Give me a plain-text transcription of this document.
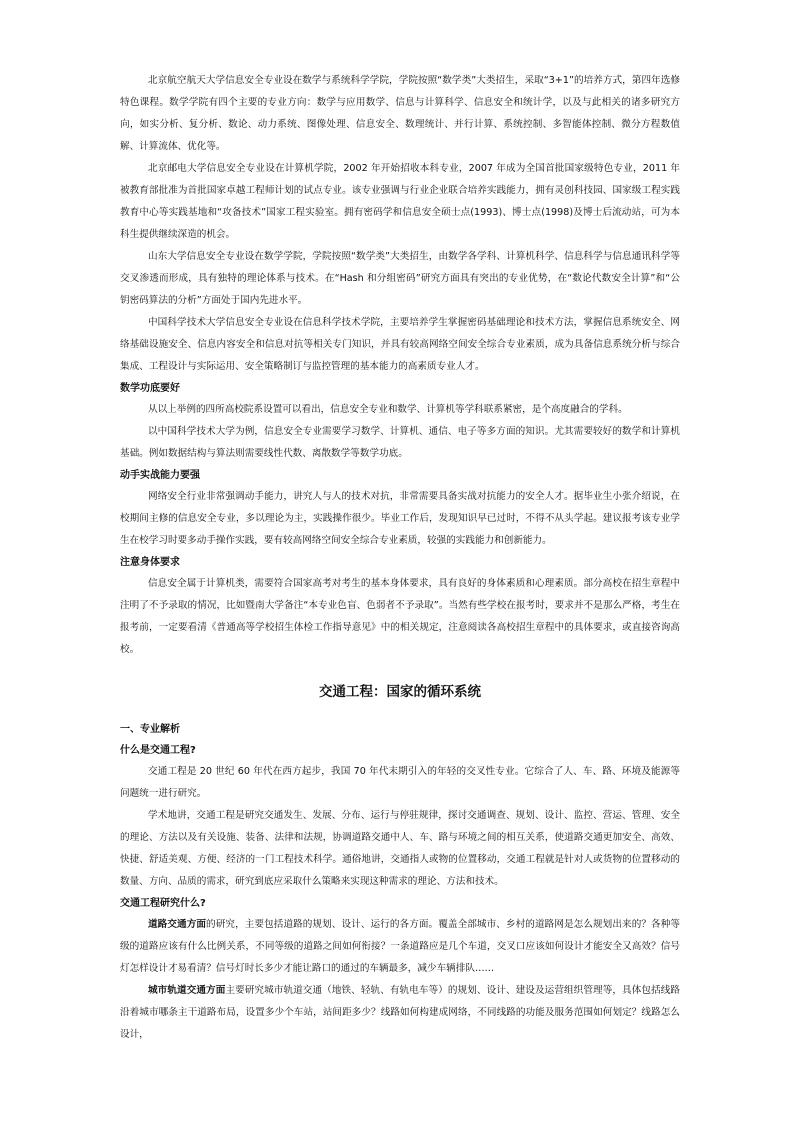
北京航空航天大学信息安全专业设在数学与系统科学学院，学院按照“数学类”大类招生，采取“3+1”的培养方式，第四年选修特色课程。数学学院有四个主要的专业方向：数学与应用数学、信息与计算科学、信息安全和统计学，以及与此相关的诸多研究方向，如实分析、复分析、数论、动力系统、图像处理、信息安全、数理统计、并行计算、系统控制、多智能体控制、微分方程数值解、计算流体、优化等。

北京邮电大学信息安全专业设在计算机学院，2002 年开始招收本科专业，2007 年成为全国首批国家级特色专业，2011 年被教育部批准为首批国家卓越工程师计划的试点专业。该专业强调与行业企业联合培养实践能力，拥有灵创科技园、国家级工程实践教育中心等实践基地和“攻备技术”国家工程实验室。拥有密码学和信息安全硕士点(1993)、博士点(1998)及博士后流动站，可为本科生提供继续深造的机会。

山东大学信息安全专业设在数学学院，学院按照“数学类”大类招生，由数学各学科、计算机科学、信息科学与信息通讯科学等交叉渗透而形成，具有独特的理论体系与技术。在“Hash 和分组密码”研究方面具有突出的专业优势，在“数论代数安全计算”和“公钥密码算法的分析”方面处于国内先进水平。

中国科学技术大学信息安全专业设在信息科学技术学院，主要培养学生掌握密码基础理论和技术方法，掌握信息系统安全、网络基础设施安全、信息内容安全和信息对抗等相关专门知识，并具有较高网络空间安全综合专业素质，成为具备信息系统分析与综合集成、工程设计与实际运用、安全策略制订与监控管理的基本能力的高素质专业人才。

数学功底要好

从以上举例的四所高校院系设置可以看出，信息安全专业和数学、计算机等学科联系紧密，是个高度融合的学科。

以中国科学技术大学为例，信息安全专业需要学习数学、计算机、通信、电子等多方面的知识。尤其需要较好的数学和计算机基础。例如数据结构与算法则需要线性代数、离散数学等数学功底。

动手实战能力要强

网络安全行业非常强调动手能力，讲究人与人的技术对抗，非常需要具备实战对抗能力的安全人才。据毕业生小张介绍说，在校期间主修的信息安全专业，多以理论为主，实践操作很少。毕业工作后，发现知识早已过时，不得不从头学起。建议报考该专业学生在校学习时要多动手操作实践，要有较高网络空间安全综合专业素质，较强的实践能力和创新能力。

注意身体要求

信息安全属于计算机类，需要符合国家高考对考生的基本身体要求，具有良好的身体素质和心理素质。部分高校在招生章程中注明了不予录取的情况，比如暨南大学备注“本专业色盲、色弱者不予录取”。当然有些学校在报考时，要求并不是那么严格，考生在报考前，一定要看清《普通高等学校招生体检工作指导意见》中的相关规定，注意阅读各高校招生章程中的具体要求，或直接咨询高校。

交通工程：国家的循环系统
一、专业解析
什么是交通工程?

交通工程是 20 世纪 60 年代在西方起步，我国 70 年代末期引入的年轻的交叉性专业。它综合了人、车、路、环境及能源等问题统一进行研究。

学术地讲，交通工程是研究交通发生、发展、分布、运行与停驻规律，探讨交通调查、规划、设计、监控、营运、管理、安全的理论、方法以及有关设施、装备、法律和法规，协调道路交通中人、车、路与环境之间的相互关系，使道路交通更加安全、高效、快捷、舒适美观、方便、经济的一门工程技术科学。通俗地讲，交通指人或物的位置移动，交通工程就是针对人或货物的位置移动的数量、方向、品质的需求，研究到底应采取什么策略来实现这种需求的理论、方法和技术。

交通工程研究什么?

道路交通方面的研究，主要包括道路的规划、设计、运行的各方面。覆盖全部城市、乡村的道路网是怎么规划出来的？各种等级的道路应该有什么比例关系，不同等级的道路之间如何衔接？一条道路应是几个车道，交叉口应该如何设计才能安全又高效？信号灯怎样设计才易看清？信号灯时长多少才能让路口的通过的车辆最多，减少车辆排队……

城市轨道交通方面主要研究城市轨道交通（地铁、轻轨、有轨电车等）的规划、设计、建设及运营组织管理等，具体包括线路沿着城市哪条主干道路布局，设置多少个车站，站间距多少？线路如何构建成网络，不同线路的功能及服务范围如何划定？线路怎么设计，
